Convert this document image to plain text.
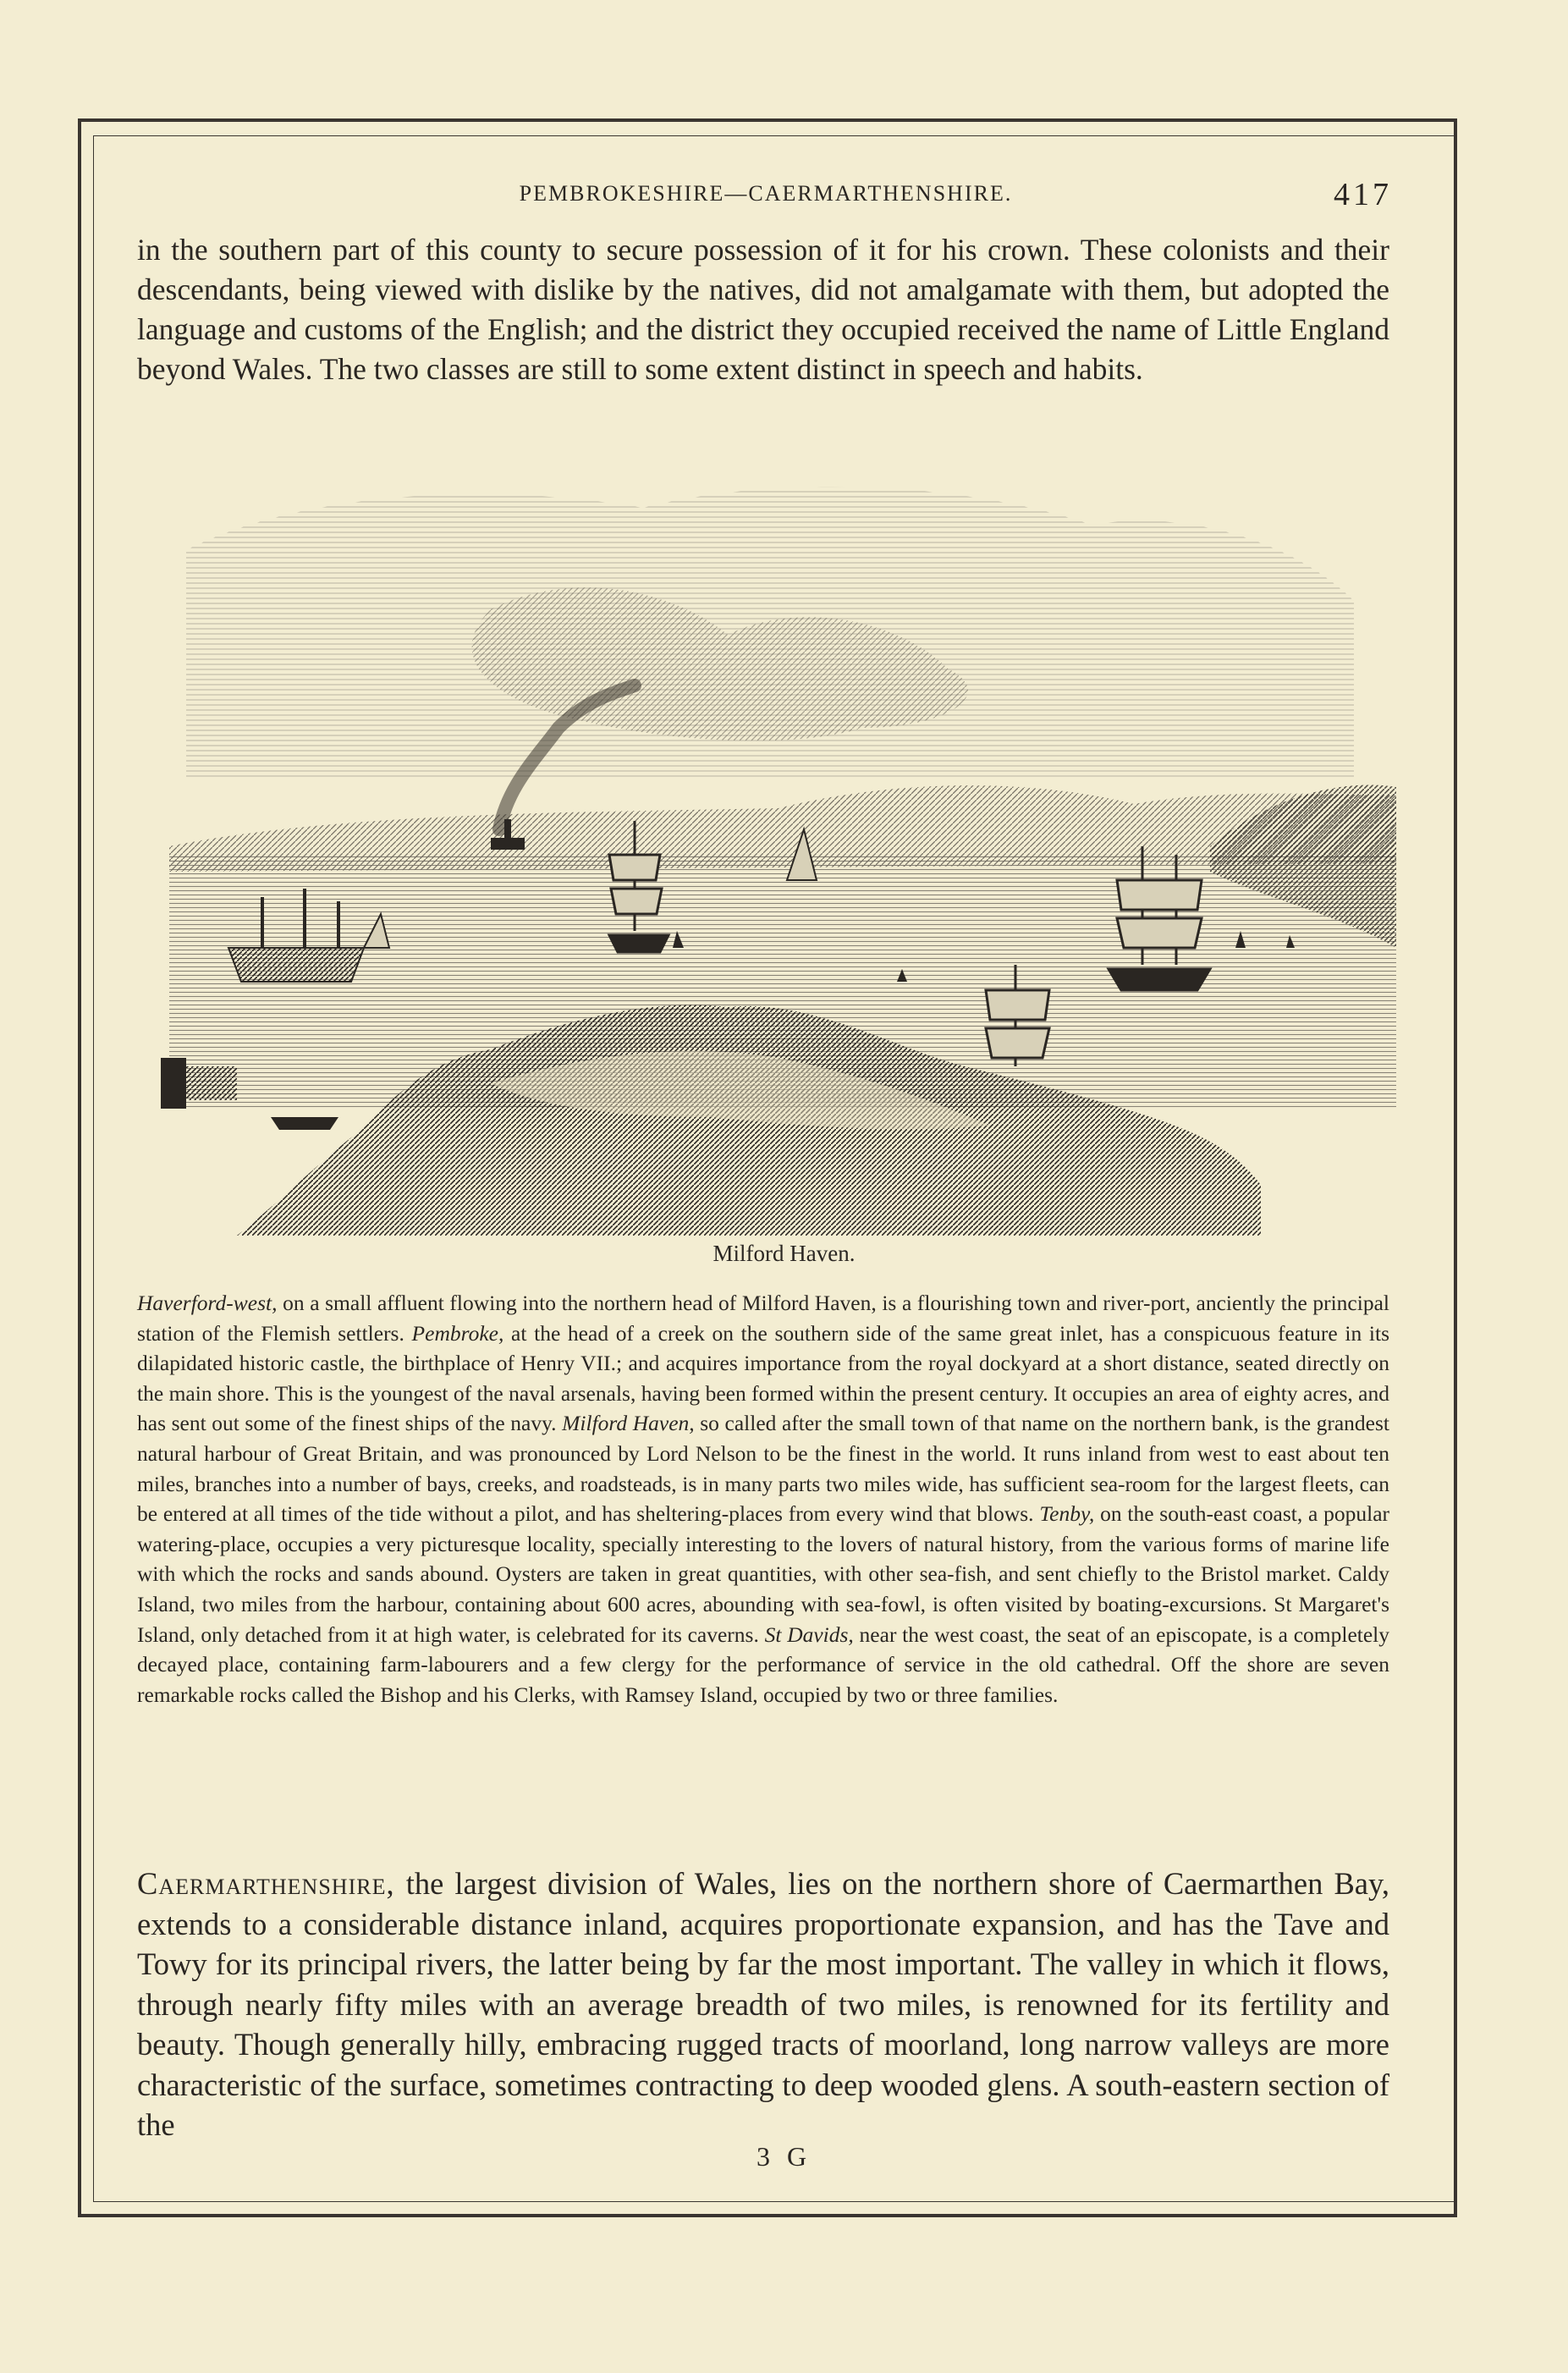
PEMBROKESHIRE—CAERMARTHENSHIRE.	417
in the southern part of this county to secure possession of it for his crown. These colonists and their descendants, being viewed with dislike by the natives, did not amalgamate with them, but adopted the language and customs of the English; and the district they occupied received the name of Little England beyond Wales. The two classes are still to some extent distinct in speech and habits.
Milford Haven.
Haverford-west, on a small affluent flowing into the northern head of Milford Haven, is a flourishing town and river-port, anciently the principal station of the Flemish settlers. Pembroke, at the head of a creek on the southern side of the same great inlet, has a conspicuous feature in its dilapidated historic castle, the birthplace of Henry VII.; and acquires importance from the royal dockyard at a short distance, seated directly on the main shore. This is the youngest of the naval arsenals, having been formed within the present century. It occupies an area of eighty acres, and has sent out some of the finest ships of the navy. Milford Haven, so called after the small town of that name on the northern bank, is the grandest natural harbour of Great Britain, and was pronounced by Lord Nelson to be the finest in the world. It runs inland from west to east about ten miles, branches into a number of bays, creeks, and roadsteads, is in many parts two miles wide, has sufficient sea-room for the largest fleets, can be entered at all times of the tide without a pilot, and has sheltering-places from every wind that blows. Tenby, on the south-east coast, a popular watering-place, occupies a very picturesque locality, specially interesting to the lovers of natural history, from the various forms of marine life with which the rocks and sands abound. Oysters are taken in great quantities, with other sea-fish, and sent chiefly to the Bristol market. Caldy Island, two miles from the harbour, containing about 600 acres, abounding with sea-fowl, is often visited by boating-excursions. St Margaret's Island, only detached from it at high water, is celebrated for its caverns. St Davids, near the west coast, the seat of an episcopate, is a completely decayed place, containing farm-labourers and a few clergy for the performance of service in the old cathedral. Off the shore are seven remarkable rocks called the Bishop and his Clerks, with Ramsey Island, occupied by two or three families.
Caermarthenshire, the largest division of Wales, lies on the northern shore of Caermarthen Bay, extends to a considerable distance inland, acquires proportionate expansion, and has the Tave and Towy for its principal rivers, the latter being by far the most important. The valley in which it flows, through nearly fifty miles with an average breadth of two miles, is renowned for its fertility and beauty. Though generally hilly, embracing rugged tracts of moorland, long narrow valleys are more characteristic of the surface, sometimes contracting to deep wooded glens. A south-eastern section of the
3 G
